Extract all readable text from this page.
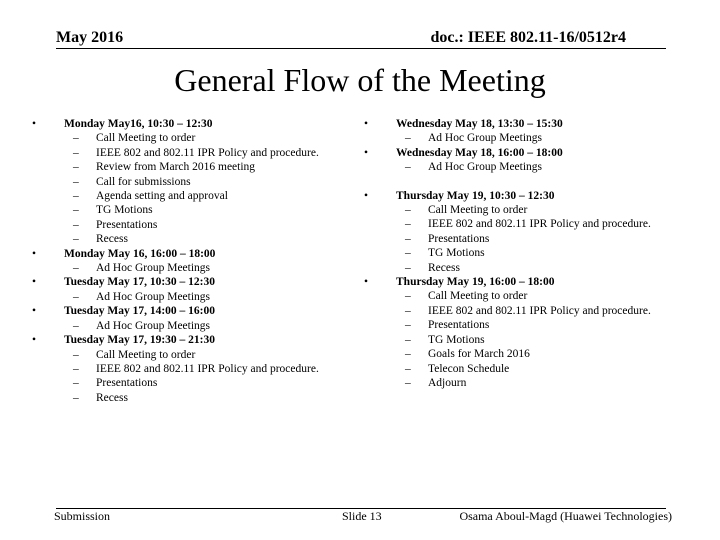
May 2016	doc.: IEEE 802.11-16/0512r4
General Flow of the Meeting
•	Monday May16, 10:30 – 12:30
– Call Meeting to order
– IEEE 802 and 802.11 IPR Policy and procedure.
– Review from March 2016 meeting
– Call for submissions
– Agenda setting and approval
– TG Motions
– Presentations
– Recess
•	Monday May 16, 16:00 – 18:00
– Ad Hoc Group Meetings
•	Tuesday May 17, 10:30 – 12:30
– Ad Hoc Group Meetings
•	Tuesday May 17, 14:00 – 16:00
– Ad Hoc Group Meetings
•	Tuesday May 17, 19:30 – 21:30
– Call Meeting to order
– IEEE 802 and 802.11 IPR Policy and procedure.
– Presentations
– Recess
•	Wednesday May 18, 13:30 – 15:30
– Ad Hoc Group Meetings
•	Wednesday May 18, 16:00 – 18:00
– Ad Hoc Group Meetings
•	Thursday May 19, 10:30 – 12:30
– Call Meeting to order
– IEEE 802 and 802.11 IPR Policy and procedure.
– Presentations
– TG Motions
– Recess
•	Thursday May 19, 16:00 – 18:00
– Call Meeting to order
– IEEE 802 and 802.11 IPR Policy and procedure.
– Presentations
– TG Motions
– Goals for March 2016
– Telecon Schedule
– Adjourn
Submission	Slide 13	Osama Aboul-Magd (Huawei Technologies)
